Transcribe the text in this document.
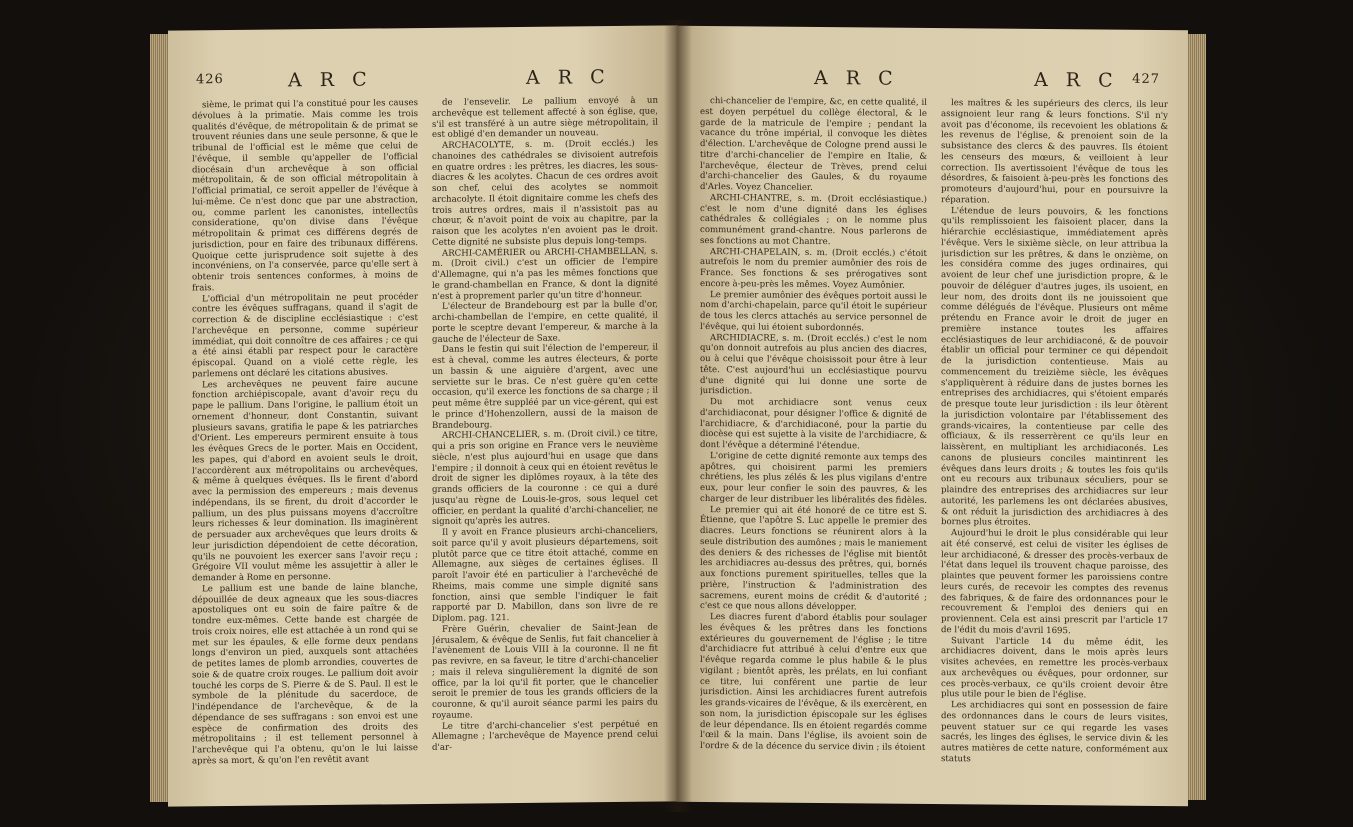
426	A R C	A R C

sième, le primat qui l'a constitué pour les causes dévolues à la primatie. Mais comme les trois qualités d'évêque, de métropolitain & de primat se trouvent réunies dans une seule personne, & que le tribunal de l'official est le même que celui de l'évêque, il semble qu'appeller de l'official diocésain d'un archevêque à son official métropolitain, & de son official métropolitain à l'official primatial, ce seroit appeller de l'évêque à lui-même. Ce n'est donc que par une abstraction, ou, comme parlent les canonistes, intellectûs consideratione, qu'on divise dans l'évêque métropolitain & primat ces différens degrés de jurisdiction, pour en faire des tribunaux différens. Quoique cette jurisprudence soit sujette à des inconvéniens, on l'a conservée, parce qu'elle sert à obtenir trois sentences conformes, à moins de frais.

L'official d'un métropolitain ne peut procéder contre les évêques suffragans, quand il s'agit de correction & de discipline ecclésiastique : c'est l'archevêque en personne, comme supérieur immédiat, qui doit connoître de ces affaires ; ce qui a été ainsi établi par respect pour le caractère épiscopal. Quand on a violé cette règle, les parlemens ont déclaré les citations abusives.

Les archevêques ne peuvent faire aucune fonction archiépiscopale, avant d'avoir reçu du pape le pallium. Dans l'origine, le pallium étoit un ornement d'honneur, dont Constantin, suivant plusieurs savans, gratifia le pape & les patriarches d'Orient. Les empereurs permirent ensuite à tous les évêques Grecs de le porter. Mais en Occident, les papes, qui d'abord en avoient seuls le droit, l'accordèrent aux métropolitains ou archevêques, & même à quelques évêques. Ils le firent d'abord avec la permission des empereurs ; mais devenus indépendans, ils se firent, du droit d'accorder le pallium, un des plus puissans moyens d'accroître leurs richesses & leur domination. Ils imaginèrent de persuader aux archevêques que leurs droits & leur jurisdiction dépendoient de cette décoration, qu'ils ne pouvoient les exercer sans l'avoir reçu ; Grégoire VII voulut même les assujettir à aller le demander à Rome en personne.

Le pallium est une bande de laine blanche, dépouillée de deux agneaux que les sous-diacres apostoliques ont eu soin de faire paître & de tondre eux-mêmes. Cette bande est chargée de trois croix noires, elle est attachée à un rond qui se met sur les épaules, & elle forme deux pendans longs d'environ un pied, auxquels sont attachées de petites lames de plomb arrondies, couvertes de soie & de quatre croix rouges. Le pallium doit avoir touché les corps de S. Pierre & de S. Paul. Il est le symbole de la plénitude du sacerdoce, de l'indépendance de l'archevêque, & de la dépendance de ses suffragans : son envoi est une espèce de confirmation des droits des métropolitains ; il est tellement personnel à l'archevêque qui l'a obtenu, qu'on le lui laisse après sa mort, & qu'on l'en revêtit avant

de l'ensevelir. Le pallium envoyé à un archevêque est tellement affecté à son église, que, s'il est transféré à un autre siège métropolitain, il est obligé d'en demander un nouveau.

ARCHACOLYTE, s. m. (Droit ecclés.) les chanoines des cathédrales se divisoient autrefois en quatre ordres : les prêtres, les diacres, les sous-diacres & les acolytes. Chacun de ces ordres avoit son chef, celui des acolytes se nommoit archacolyte. Il étoit dignitaire comme les chefs des trois autres ordres, mais il n'assistoit pas au chœur, & n'avoit point de voix au chapitre, par la raison que les acolytes n'en avoient pas le droit. Cette dignité ne subsiste plus depuis long-temps.

ARCHI-CAMÉRIER ou ARCHI-CHAMBELLAN, s. m. (Droit civil.) c'est un officier de l'empire d'Allemagne, qui n'a pas les mêmes fonctions que le grand-chambellan en France, & dont la dignité n'est à proprement parler qu'un titre d'honneur.

L'électeur de Brandebourg est par la bulle d'or, archi-chambellan de l'empire, en cette qualité, il porte le sceptre devant l'empereur, & marche à la gauche de l'électeur de Saxe.

Dans le festin qui suit l'élection de l'empereur, il est à cheval, comme les autres électeurs, & porte un bassin & une aiguière d'argent, avec une serviette sur le bras. Ce n'est guère qu'en cette occasion, qu'il exerce les fonctions de sa charge ; il peut même être suppléé par un vice-gérent, qui est le prince d'Hohenzollern, aussi de la maison de Brandebourg.

ARCHI-CHANCELIER, s. m. (Droit civil.) ce titre, qui a pris son origine en France vers le neuvième siècle, n'est plus aujourd'hui en usage que dans l'empire ; il donnoit à ceux qui en étoient revêtus le droit de signer les diplômes royaux, à la tête des grands officiers de la couronne : ce qui a duré jusqu'au règne de Louis-le-gros, sous lequel cet officier, en perdant la qualité d'archi-chancelier, ne signoit qu'après les autres.

Il y avoit en France plusieurs archi-chanceliers, soit parce qu'il y avoit plusieurs départemens, soit plutôt parce que ce titre étoit attaché, comme en Allemagne, aux sièges de certaines églises. Il paroît l'avoir été en particulier à l'archevêché de Rheims, mais comme une simple dignité sans fonction, ainsi que semble l'indiquer le fait rapporté par D. Mabillon, dans son livre de re Diplom. pag. 121.

Frère Guérin, chevalier de Saint-Jean de Jérusalem, & évêque de Senlis, fut fait chancelier à l'avènement de Louis VIII à la couronne. Il ne fit pas revivre, en sa faveur, le titre d'archi-chancelier ; mais il releva singulièrement la dignité de son office, par la loi qu'il fit porter, que le chancelier seroit le premier de tous les grands officiers de la couronne, & qu'il auroit séance parmi les pairs du royaume.

Le titre d'archi-chancelier s'est perpétué en Allemagne ; l'archevêque de Mayence prend celui d'ar-

A R C	A R C 427

chi-chancelier de l'empire, &c, en cette qualité, il est doyen perpétuel du collège électoral, & le garde de la matricule de l'empire ; pendant la vacance du trône impérial, il convoque les diètes d'élection. L'archevêque de Cologne prend aussi le titre d'archi-chancelier de l'empire en Italie, & l'archevêque, électeur de Trèves, prend celui d'archi-chancelier des Gaules, & du royaume d'Arles. Voyez Chancelier.

ARCHI-CHANTRE, s. m. (Droit ecclésiastique.) c'est le nom d'une dignité dans les églises cathédrales & collégiales ; on le nomme plus communément grand-chantre. Nous parlerons de ses fonctions au mot Chantre.

ARCHI-CHAPELAIN, s. m. (Droit ecclés.) c'étoit autrefois le nom du premier aumônier des rois de France. Ses fonctions & ses prérogatives sont encore à-peu-près les mêmes. Voyez Aumônier.

Le premier aumônier des évêques portoit aussi le nom d'archi-chapelain, parce qu'il étoit le supérieur de tous les clercs attachés au service personnel de l'évêque, qui lui étoient subordonnés.

ARCHIDIACRE, s. m. (Droit ecclés.) c'est le nom qu'on donnoit autrefois au plus ancien des diacres, ou à celui que l'évêque choisissoit pour être à leur tête. C'est aujourd'hui un ecclésiastique pourvu d'une dignité qui lui donne une sorte de jurisdiction.

Du mot archidiacre sont venus ceux d'archidiaconat, pour désigner l'office & dignité de l'archidiacre, & d'archidiaconé, pour la partie du diocèse qui est sujette à la visite de l'archidiacre, & dont l'évêque a déterminé l'étendue.

L'origine de cette dignité remonte aux temps des apôtres, qui choisirent parmi les premiers chrétiens, les plus zélés & les plus vigilans d'entre eux, pour leur confier le soin des pauvres, & les charger de leur distribuer les libéralités des fidèles.

Le premier qui ait été honoré de ce titre est S. Étienne, que l'apôtre S. Luc appelle le premier des diacres. Leurs fonctions se réunirent alors à la seule distribution des aumônes ; mais le maniement des deniers & des richesses de l'église mit bientôt les archidiacres au-dessus des prêtres, qui, bornés aux fonctions purement spirituelles, telles que la prière, l'instruction & l'administration des sacremens, eurent moins de crédit & d'autorité ; c'est ce que nous allons développer.

Les diacres furent d'abord établis pour soulager les évêques & les prêtres dans les fonctions extérieures du gouvernement de l'église ; le titre d'archidiacre fut attribué à celui d'entre eux que l'évêque regarda comme le plus habile & le plus vigilant ; bientôt après, les prélats, en lui confiant ce titre, lui conférent une partie de leur jurisdiction. Ainsi les archidiacres furent autrefois les grands-vicaires de l'évêque, & ils exercèrent, en son nom, la jurisdiction épiscopale sur les églises de leur dépendance. Ils en étoient regardés comme l'œil & la main. Dans l'église, ils avoient soin de l'ordre & de la décence du service divin ; ils étoient

les maîtres & les supérieurs des clercs, ils leur assignoient leur rang & leurs fonctions. S'il n'y avoit pas d'économe, ils recevoient les oblations & les revenus de l'église, & prenoient soin de la subsistance des clercs & des pauvres. Ils étoient les censeurs des mœurs, & veilloient à leur correction. Ils avertissoient l'évêque de tous les désordres, & faisoient à-peu-près les fonctions des promoteurs d'aujourd'hui, pour en poursuivre la réparation.

L'étendue de leurs pouvoirs, & les fonctions qu'ils remplissoient les faisoient placer, dans la hiérarchie ecclésiastique, immédiatement après l'évêque. Vers le sixième siècle, on leur attribua la jurisdiction sur les prêtres, & dans le onzième, on les considéra comme des juges ordinaires, qui avoient de leur chef une jurisdiction propre, & le pouvoir de déléguer d'autres juges, ils usoient, en leur nom, des droits dont ils ne jouissoient que comme délégués de l'évêque. Plusieurs ont même prétendu en France avoir le droit de juger en première instance toutes les affaires ecclésiastiques de leur archidiaconé, & de pouvoir établir un official pour terminer ce qui dépendoit de la jurisdiction contentieuse. Mais au commencement du treizième siècle, les évêques s'appliquèrent à réduire dans de justes bornes les entreprises des archidiacres, qui s'étoient emparés de presque toute leur jurisdiction : ils leur ôtèrent la jurisdiction volontaire par l'établissement des grands-vicaires, la contentieuse par celle des officiaux, & ils resserrèrent ce qu'ils leur en laissèrent, en multipliant les archidiaconés. Les canons de plusieurs conciles maintinrent les évêques dans leurs droits ; & toutes les fois qu'ils ont eu recours aux tribunaux séculiers, pour se plaindre des entreprises des archidiacres sur leur autorité, les parlemens les ont déclarées abusives, & ont réduit la jurisdiction des archidiacres à des bornes plus étroites.

Aujourd'hui le droit le plus considérable qui leur ait été conservé, est celui de visiter les églises de leur archidiaconé, & dresser des procès-verbaux de l'état dans lequel ils trouvent chaque paroisse, des plaintes que peuvent former les paroissiens contre leurs curés, de recevoir les comptes des revenus des fabriques, & de faire des ordonnances pour le recouvrement & l'emploi des deniers qui en proviennent. Cela est ainsi prescrit par l'article 17 de l'édit du mois d'avril 1695.

Suivant l'article 14 du même édit, les archidiacres doivent, dans le mois après leurs visites achevées, en remettre les procès-verbaux aux archevêques ou évêques, pour ordonner, sur ces procès-verbaux, ce qu'ils croient devoir être plus utile pour le bien de l'église.

Les archidiacres qui sont en possession de faire des ordonnances dans le cours de leurs visites, peuvent statuer sur ce qui regarde les vases sacrés, les linges des églises, le service divin & les autres matières de cette nature, conformément aux statuts
